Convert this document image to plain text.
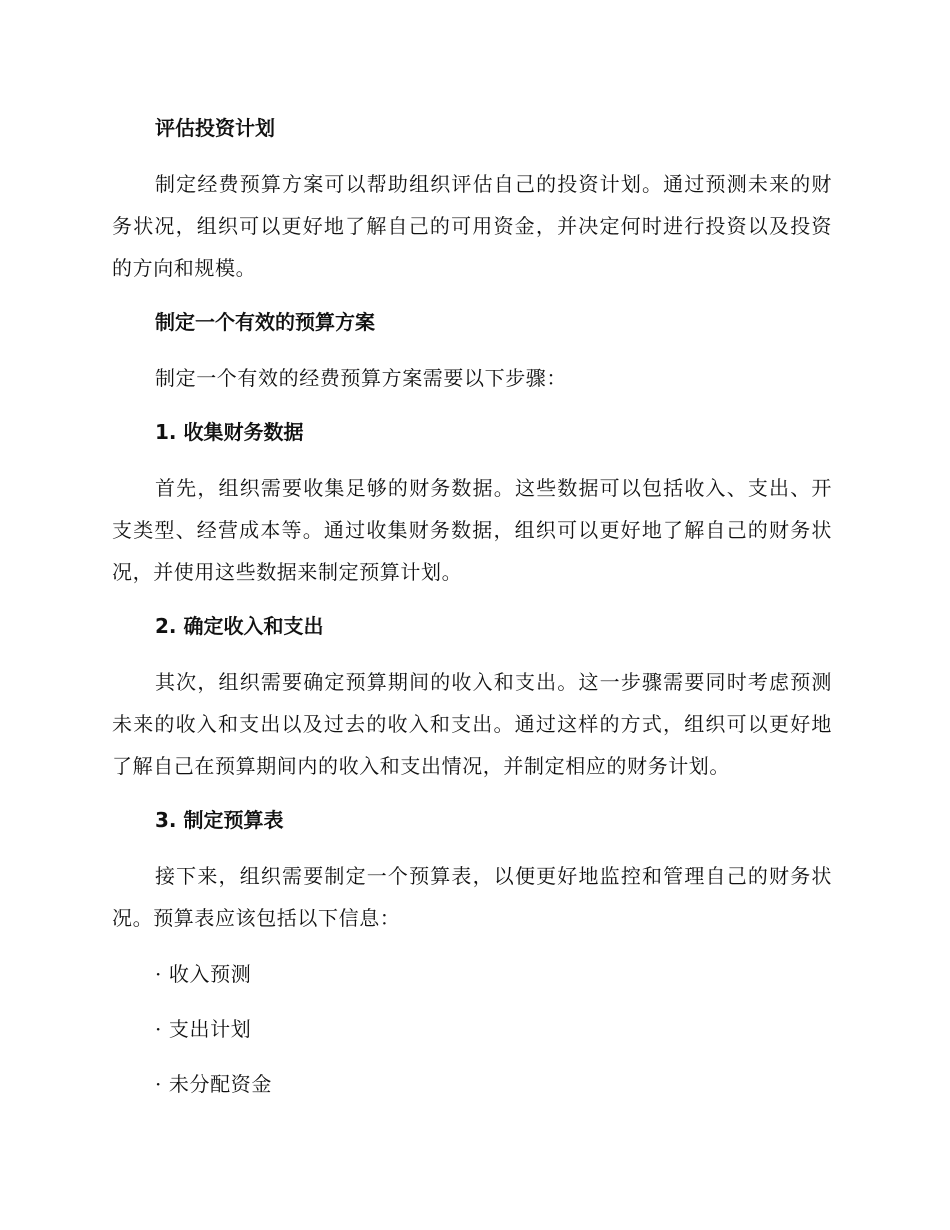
评估投资计划

制定经费预算方案可以帮助组织评估自己的投资计划。通过预测未来的财务状况，组织可以更好地了解自己的可用资金，并决定何时进行投资以及投资的方向和规模。

制定一个有效的预算方案

制定一个有效的经费预算方案需要以下步骤：

1. 收集财务数据

首先，组织需要收集足够的财务数据。这些数据可以包括收入、支出、开支类型、经营成本等。通过收集财务数据，组织可以更好地了解自己的财务状况，并使用这些数据来制定预算计划。

2. 确定收入和支出

其次，组织需要确定预算期间的收入和支出。这一步骤需要同时考虑预测未来的收入和支出以及过去的收入和支出。通过这样的方式，组织可以更好地了解自己在预算期间内的收入和支出情况，并制定相应的财务计划。

3. 制定预算表

接下来，组织需要制定一个预算表，以便更好地监控和管理自己的财务状况。预算表应该包括以下信息：

· 收入预测

· 支出计划

· 未分配资金
